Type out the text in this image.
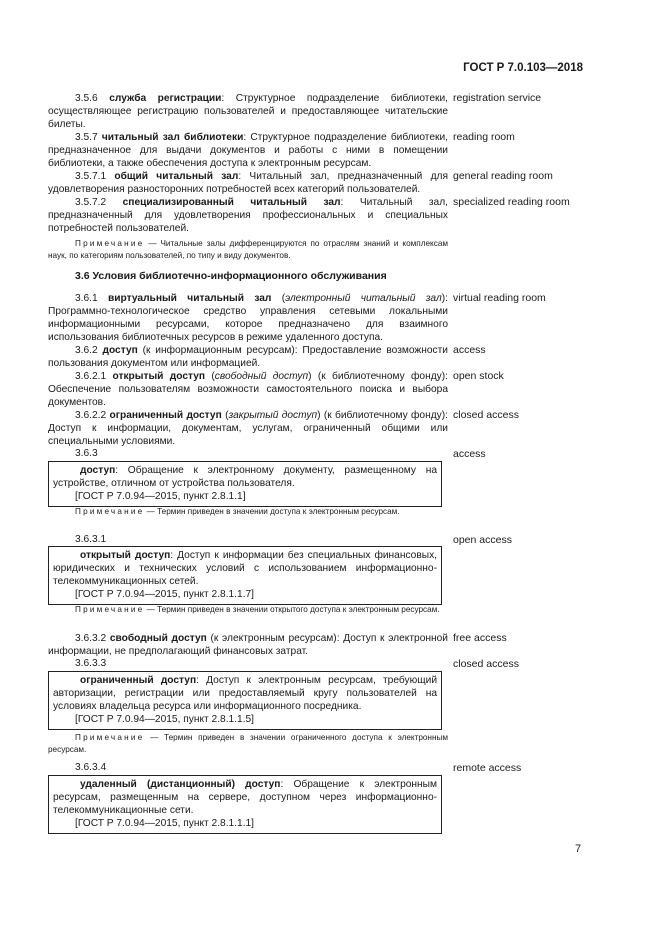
ГОСТ Р 7.0.103—2018
3.5.6 служба регистрации: Структурное подразделение библиотеки, осуществляющее регистрацию пользователей и предоставляющее читательские билеты.
registration service
3.5.7 читальный зал библиотеки: Структурное подразделение библиотеки, предназначенное для выдачи документов и работы с ними в помещении библиотеки, а также обеспечения доступа к электронным ресурсам.
reading room
3.5.7.1 общий читальный зал: Читальный зал, предназначенный для удовлетворения разносторонних потребностей всех категорий пользователей.
general reading room
3.5.7.2 специализированный читальный зал: Читальный зал, предназначенный для удовлетворения профессиональных и специальных потребностей пользователей.
specialized reading room
Примечание — Читальные залы дифференцируются по отраслям знаний и комплексам наук, по категориям пользователей, по типу и виду документов.
3.6 Условия библиотечно-информационного обслуживания
3.6.1 виртуальный читальный зал (электронный читальный зал): Программно-технологическое средство управления сетевыми локальными информационными ресурсами, которое предназначено для взаимного использования библиотечных ресурсов в режиме удаленного доступа.
virtual reading room
3.6.2 доступ (к информационным ресурсам): Предоставление возможности пользования документом или информацией.
access
3.6.2.1 открытый доступ (свободный доступ) (к библиотечному фонду): Обеспечение пользователям возможности самостоятельного поиска и выбора документов.
open stock
3.6.2.2 ограниченный доступ (закрытый доступ) (к библиотечному фонду): Доступ к информации, документам, услугам, ограниченный общими или специальными условиями.
closed access
3.6.3	access

доступ: Обращение к электронному документу, размещенному на устройстве, отличном от устройства пользователя.

[ГОСТ Р 7.0.94—2015, пункт 2.8.1.1]

Примечание — Термин приведен в значении доступа к электронным ресурсам.
3.6.3.1	open access

открытый доступ: Доступ к информации без специальных финансовых, юридических и технических условий с использованием информационно-телекоммуникационных сетей.

[ГОСТ Р 7.0.94—2015, пункт 2.8.1.1.7]

Примечание — Термин приведен в значении открытого доступа к электронным ресурсам.
3.6.3.2 свободный доступ (к электронным ресурсам): Доступ к электронной информации, не предполагающий финансовых затрат.
free access
3.6.3.3	closed access

ограниченный доступ: Доступ к электронным ресурсам, требующий авторизации, регистрации или предоставляемый кругу пользователей на условиях владельца ресурса или информационного посредника.

[ГОСТ Р 7.0.94—2015, пункт 2.8.1.1.5]

Примечание — Термин приведен в значении ограниченного доступа к электронным ресурсам.
3.6.3.4	remote access

удаленный (дистанционный) доступ: Обращение к электронным ресурсам, размещенным на сервере, доступном через информационно-телекоммуникационные сети.

[ГОСТ Р 7.0.94—2015, пункт 2.8.1.1.1]

7
